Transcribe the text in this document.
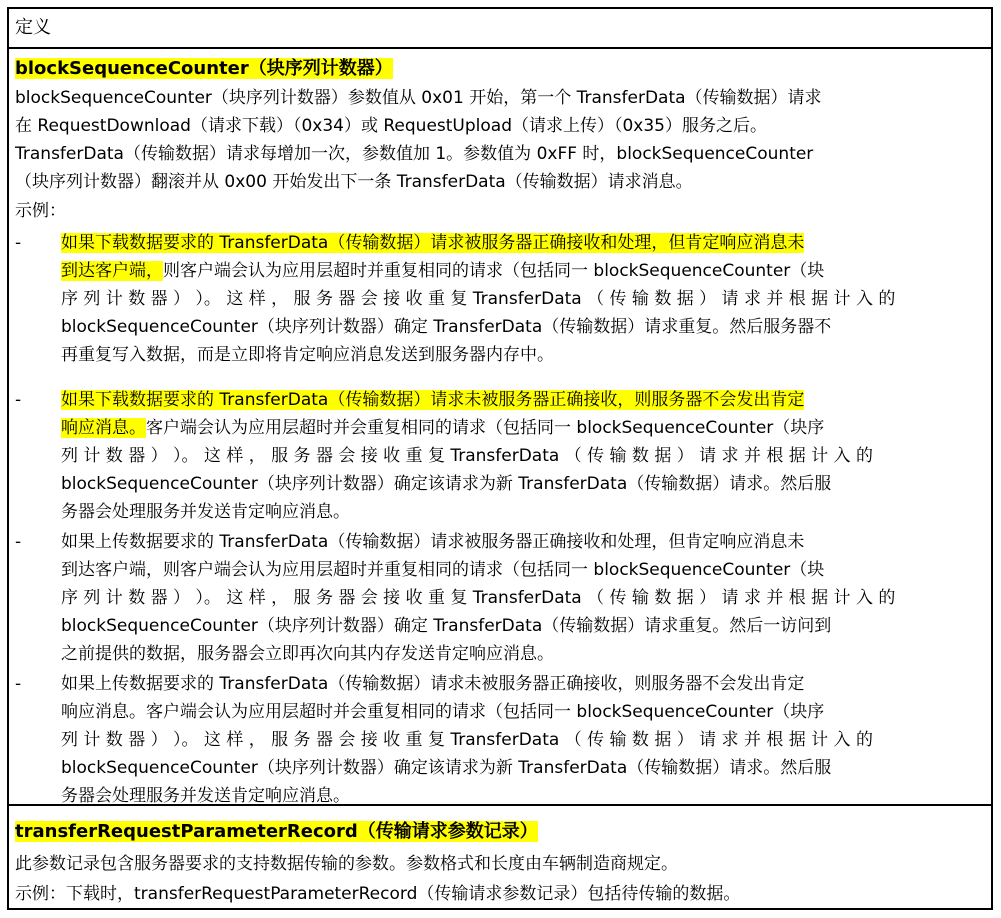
定义
blockSequenceCounter（块序列计数器）
blockSequenceCounter（块序列计数器）参数值从 0x01 开始，第一个 TransferData（传输数据）请求
在 RequestDownload（请求下载）（0x34）或 RequestUpload（请求上传）（0x35）服务之后。
TransferData（传输数据）请求每增加一次，参数值加 1。参数值为 0xFF 时，blockSequenceCounter
（块序列计数器）翻滚并从 0x00 开始发出下一条 TransferData（传输数据）请求消息。
示例：
-	如果下载数据要求的 TransferData（传输数据）请求被服务器正确接收和处理，但肯定响应消息未
到达客户端，则客户端会认为应用层超时并重复相同的请求（包括同一 blockSequenceCounter（块
序 列 计 数 器 ） ）。 这 样 ， 服 务 器 会 接 收 重 复 TransferData （ 传 输 数 据 ） 请 求 并 根 据 计 入 的
blockSequenceCounter（块序列计数器）确定 TransferData（传输数据）请求重复。然后服务器不
再重复写入数据，而是立即将肯定响应消息发送到服务器内存中。
-	如果下载数据要求的 TransferData（传输数据）请求未被服务器正确接收，则服务器不会发出肯定
响应消息。客户端会认为应用层超时并会重复相同的请求（包括同一 blockSequenceCounter（块序
列 计 数 器 ） ）。 这 样 ， 服 务 器 会 接 收 重 复 TransferData （ 传 输 数 据 ） 请 求 并 根 据 计 入 的
blockSequenceCounter（块序列计数器）确定该请求为新 TransferData（传输数据）请求。然后服
务器会处理服务并发送肯定响应消息。
-	如果上传数据要求的 TransferData（传输数据）请求被服务器正确接收和处理，但肯定响应消息未
到达客户端，则客户端会认为应用层超时并重复相同的请求（包括同一 blockSequenceCounter（块
序 列 计 数 器 ） ）。 这 样 ， 服 务 器 会 接 收 重 复 TransferData （ 传 输 数 据 ） 请 求 并 根 据 计 入 的
blockSequenceCounter（块序列计数器）确定 TransferData（传输数据）请求重复。然后一访问到
之前提供的数据，服务器会立即再次向其内存发送肯定响应消息。
-	如果上传数据要求的 TransferData（传输数据）请求未被服务器正确接收，则服务器不会发出肯定
响应消息。客户端会认为应用层超时并会重复相同的请求（包括同一 blockSequenceCounter（块序
列 计 数 器 ） ）。 这 样 ， 服 务 器 会 接 收 重 复 TransferData （ 传 输 数 据 ） 请 求 并 根 据 计 入 的
blockSequenceCounter（块序列计数器）确定该请求为新 TransferData（传输数据）请求。然后服
务器会处理服务并发送肯定响应消息。
transferRequestParameterRecord（传输请求参数记录）
此参数记录包含服务器要求的支持数据传输的参数。参数格式和长度由车辆制造商规定。
示例：下载时，transferRequestParameterRecord（传输请求参数记录）包括待传输的数据。
